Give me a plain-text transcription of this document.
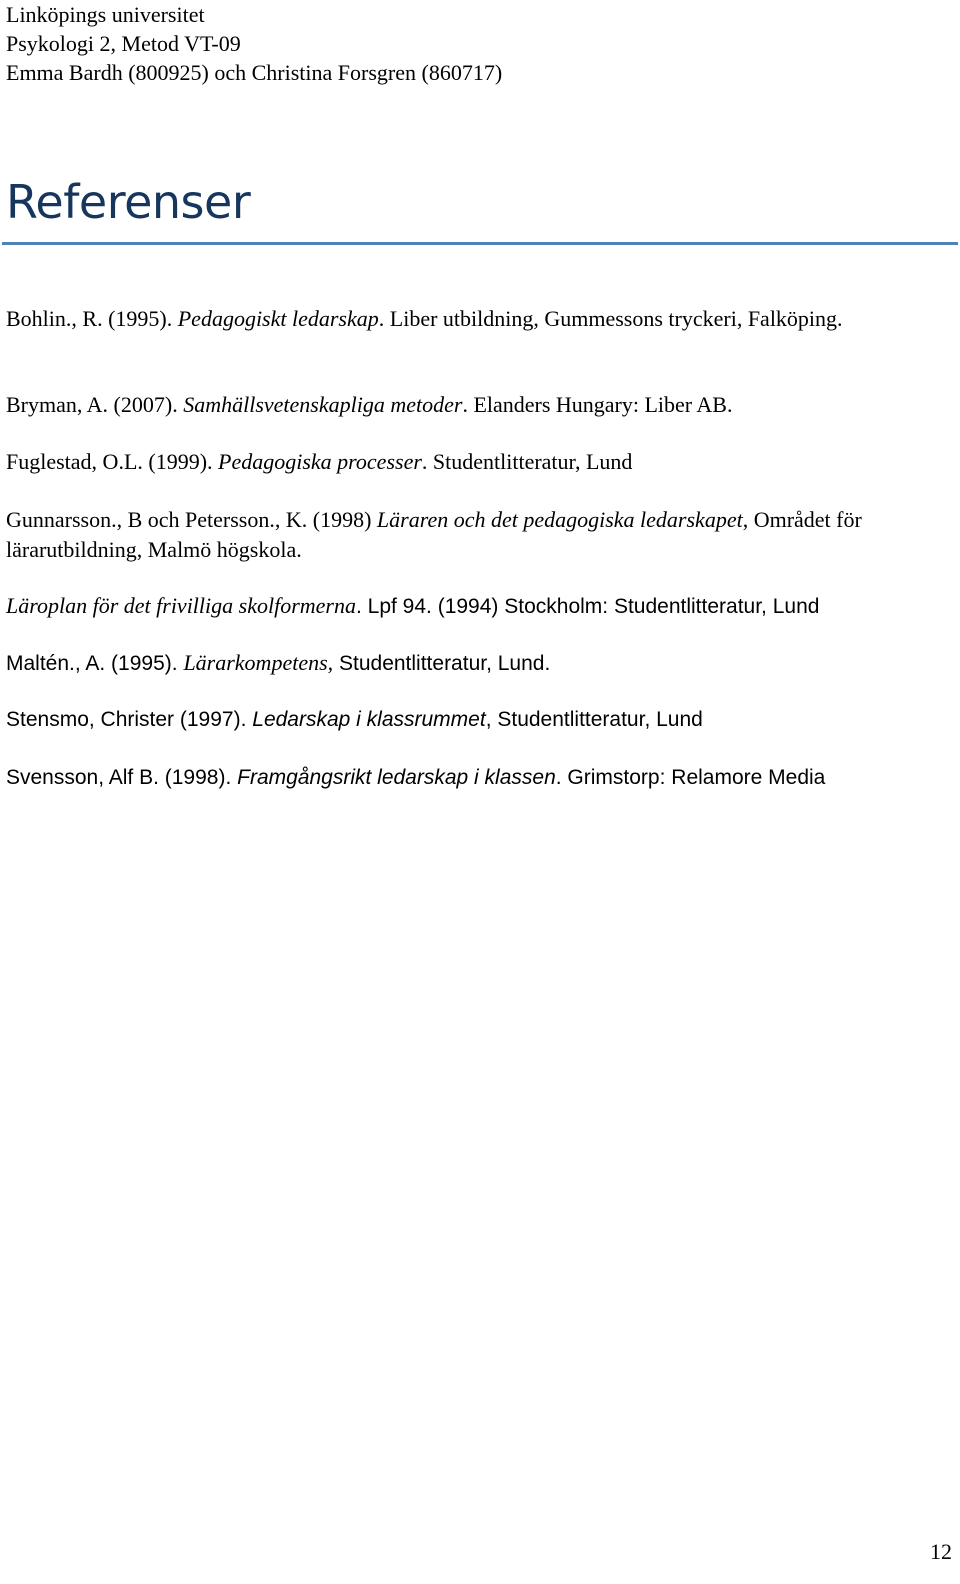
Linköpings universitet
Psykologi 2, Metod VT-09
Emma Bardh (800925) och Christina Forsgren (860717)
Referenser
Bohlin., R. (1995). Pedagogiskt ledarskap. Liber utbildning, Gummessons tryckeri, Falköping.
Bryman, A. (2007). Samhällsvetenskapliga metoder. Elanders Hungary: Liber AB.
Fuglestad, O.L. (1999). Pedagogiska processer. Studentlitteratur, Lund
Gunnarsson., B och Petersson., K. (1998) Läraren och det pedagogiska ledarskapet, Området för lärarutbildning, Malmö högskola.
Läroplan för det frivilliga skolformerna. Lpf 94. (1994) Stockholm: Studentlitteratur, Lund
Maltén., A. (1995). Lärarkompetens, Studentlitteratur, Lund.
Stensmo, Christer (1997). Ledarskap i klassrummet, Studentlitteratur, Lund
Svensson, Alf B. (1998). Framgångsrikt ledarskap i klassen. Grimstorp: Relamore Media
12
